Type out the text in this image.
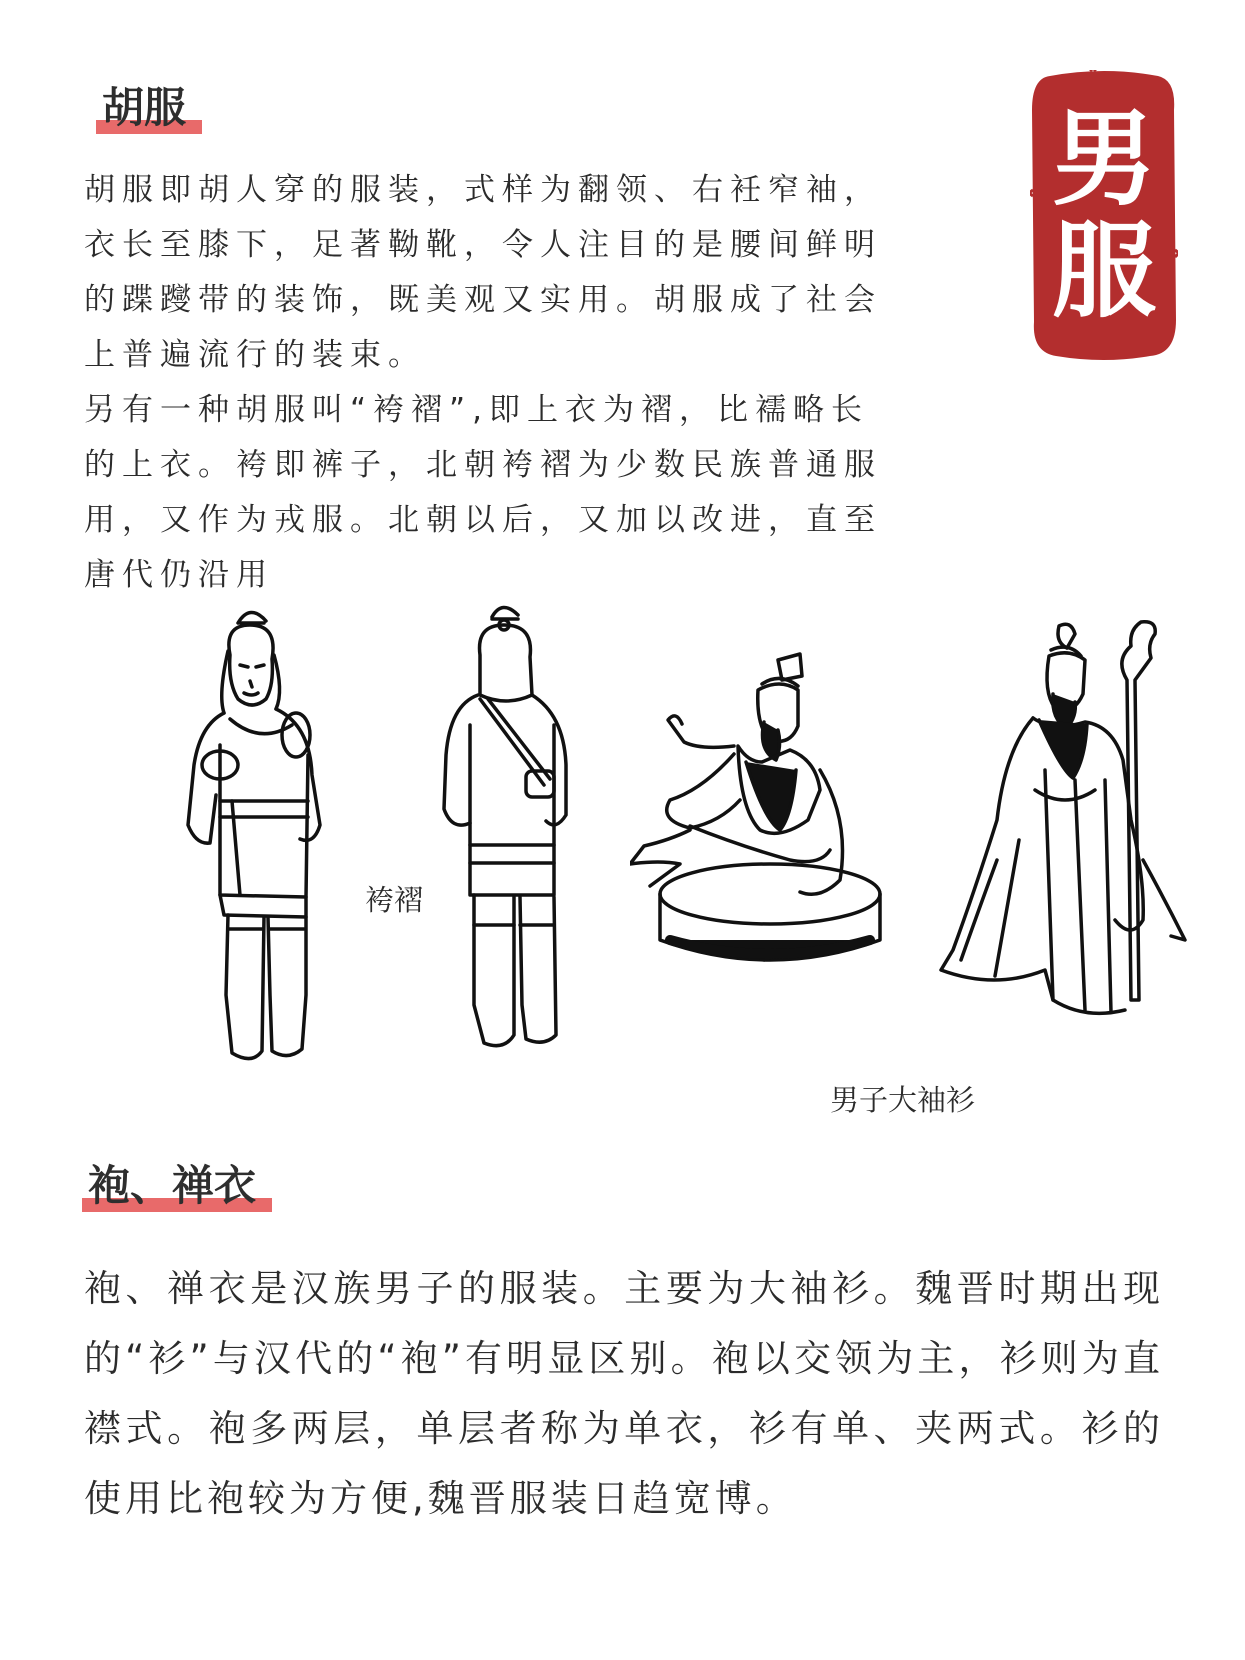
胡服

胡服即胡人穿的服装，式样为翻领、右衽窄袖，
衣长至膝下，足著靿靴，令人注目的是腰间鲜明
的蹀躞带的装饰，既美观又实用。胡服成了社会
上普遍流行的装束。
另有一种胡服叫“袴褶”,即上衣为褶，比襦略长
的上衣。袴即裤子，北朝袴褶为少数民族普通服
用，又作为戎服。北朝以后，又加以改进，直至
唐代仍沿用

男
服
袴褶
男子大袖衫
袍、禅衣

袍、禅衣是汉族男子的服装。主要为大袖衫。魏晋时期出现的“衫”与汉代的“袍”有明显区别。袍以交领为主，衫则为直襟式。袍多两层，单层者称为单衣，衫有单、夹两式。衫的使用比袍较为方便,魏晋服装日趋宽博。
